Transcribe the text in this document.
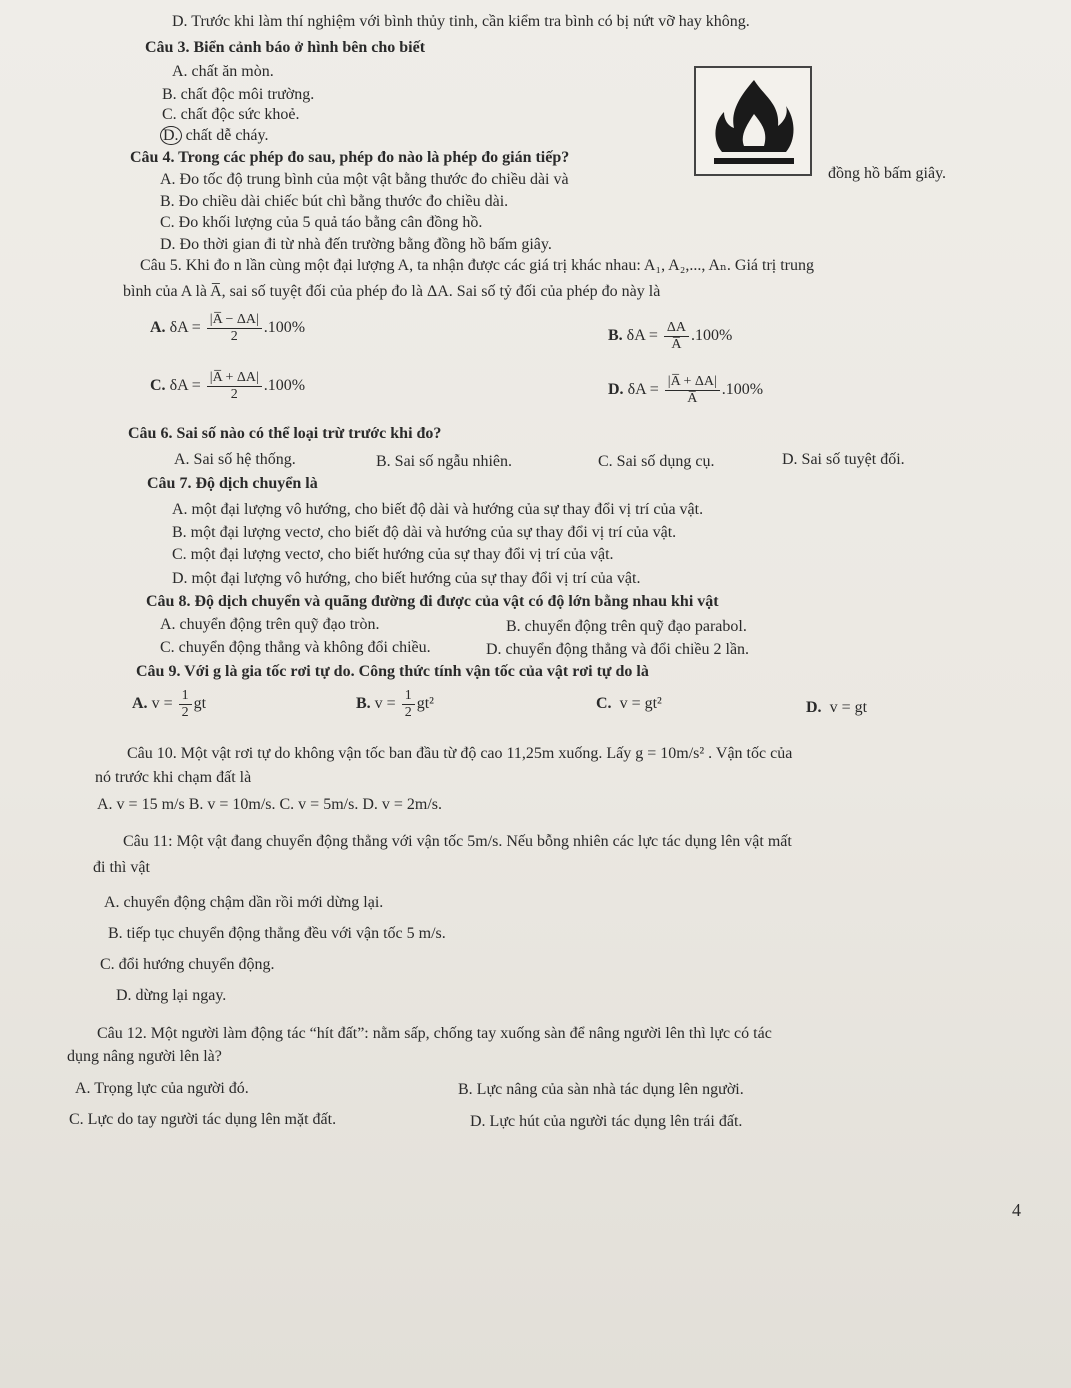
D. Trước khi làm thí nghiệm với bình thủy tinh, cần kiểm tra bình có bị nứt vỡ hay không.
Câu 3. Biển cảnh báo ở hình bên cho biết
A. chất ăn mòn.
B. chất độc môi trường.
C. chất độc sức khoẻ.
D. chất dễ cháy.
Câu 4. Trong các phép đo sau, phép đo nào là phép đo gián tiếp?
A. Đo tốc độ trung bình của một vật bằng thước đo chiều dài và	đồng hồ bấm giây.
B. Đo chiều dài chiếc bút chì bằng thước đo chiều dài.
C. Đo khối lượng của 5 quả táo bằng cân đồng hồ.
D. Đo thời gian đi từ nhà đến trường bằng đồng hồ bấm giây.
Câu 5. Khi đo n lần cùng một đại lượng A, ta nhận được các giá trị khác nhau: A₁, A₂,..., Aₙ. Giá trị trung
bình của A là A̅, sai số tuyệt đối của phép đo là ΔA. Sai số tỷ đối của phép đo này là
A. $\delta A = \frac{|A̅ - \Delta A|}{2} .100\%$	B. $\delta A = \frac{\Delta A}{A̅} .100\%$
C. $\delta A = \frac{|A̅ + \Delta A|}{2} .100\%$	D. $\delta A = \frac{|A̅ + \Delta A|}{A̅} .100\%$
Câu 6. Sai số nào có thể loại trừ trước khi đo?
A. Sai số hệ thống.	B. Sai số ngẫu nhiên.	C. Sai số dụng cụ.	D. Sai số tuyệt đối.
Câu 7. Độ dịch chuyển là
A. một đại lượng vô hướng, cho biết độ dài và hướng của sự thay đổi vị trí của vật.
B. một đại lượng vectơ, cho biết độ dài và hướng của sự thay đổi vị trí của vật.
C. một đại lượng vectơ, cho biết hướng của sự thay đổi vị trí của vật.
D. một đại lượng vô hướng, cho biết hướng của sự thay đổi vị trí của vật.
Câu 8. Độ dịch chuyển và quãng đường đi được của vật có độ lớn bằng nhau khi vật
A. chuyển động trên quỹ đạo tròn.	B. chuyển động trên quỹ đạo parabol.
C. chuyển động thẳng và không đổi chiều.	D. chuyển động thẳng và đổi chiều 2 lần.
Câu 9. Với g là gia tốc rơi tự do. Công thức tính vận tốc của vật rơi tự do là
A. $v = \frac{1}{2}$ gt	B. $v = \frac{1}{2} gt^2$	C. v = gt²	D. v = gt
Câu 10. Một vật rơi tự do không vận tốc ban đầu từ độ cao 11,25m xuống. Lấy g = 10m/s² . Vận tốc của
nó trước khi chạm đất là
A. v = 15 m/s B. v = 10m/s. C. v = 5m/s. D. v = 2m/s.
Câu 11: Một vật đang chuyển động thẳng với vận tốc 5m/s. Nếu bỗng nhiên các lực tác dụng lên vật mất
đi thì vật
A. chuyển động chậm dần rồi mới dừng lại.
B. tiếp tục chuyển động thẳng đều với vận tốc 5 m/s.
C. đổi hướng chuyển động.
D. dừng lại ngay.
Câu 12. Một người làm động tác “hít đất”: nằm sấp, chống tay xuống sàn để nâng người lên thì lực có tác
dụng nâng người lên là?
A. Trọng lực của người đó.	B. Lực nâng của sàn nhà tác dụng lên người.
C. Lực do tay người tác dụng lên mặt đất.	D. Lực hút của người tác dụng lên trái đất.
4
